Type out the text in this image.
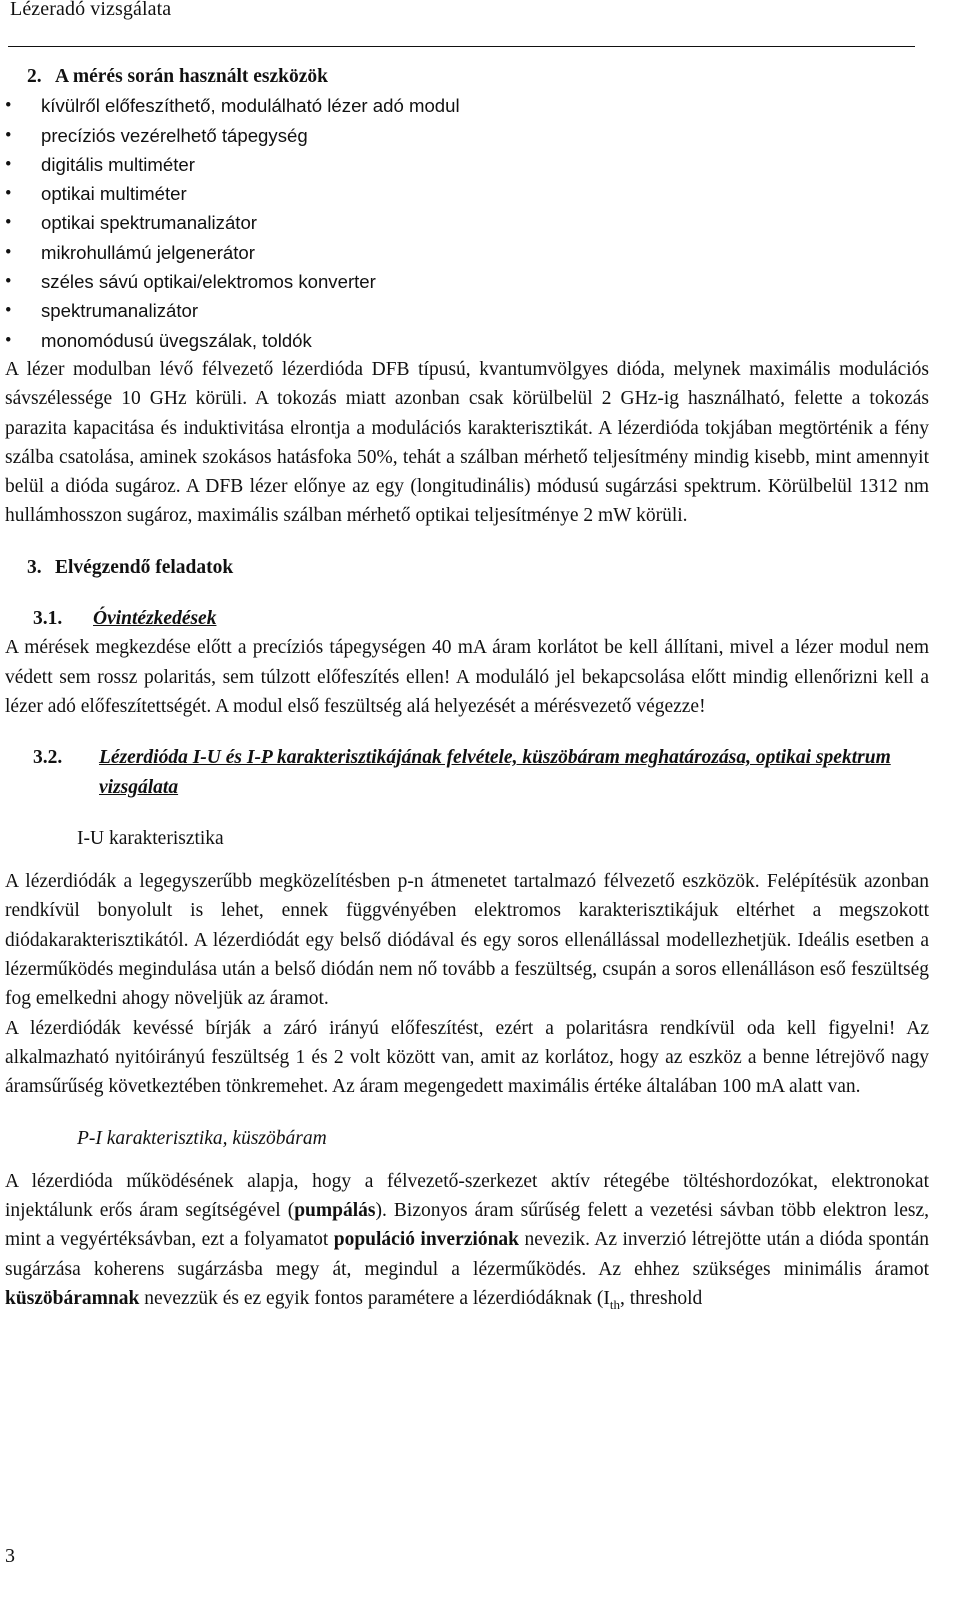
Lézeradó vizsgálata
2. A mérés során használt eszközök
•	kívülről előfeszíthető, modulálható lézer adó modul
•	precíziós vezérelhető tápegység
•	digitális multiméter
•	optikai multiméter
•	optikai spektrumanalizátor
•	mikrohullámú jelgenerátor
•	széles sávú optikai/elektromos konverter
•	spektrumanalizátor
•	monomódusú üvegszálak, toldók

A lézer modulban lévő félvezető lézerdióda DFB típusú, kvantumvölgyes dióda, melynek maximális modulációs sávszélessége 10 GHz körüli. A tokozás miatt azonban csak körülbelül 2 GHz-ig használható, felette a tokozás parazita kapacitása és induktivitása elrontja a modulációs karakterisztikát. A lézerdióda tokjában megtörténik a fény szálba csatolása, aminek szokásos hatásfoka 50%, tehát a szálban mérhető teljesítmény mindig kisebb, mint amennyit belül a dióda sugároz. A DFB lézer előnye az egy (longitudinális) módusú sugárzási spektrum. Körülbelül 1312 nm hullámhosszon sugároz, maximális szálban mérhető optikai teljesítménye 2 mW körüli.

3. Elvégzendő feladatok
3.1. Óvintézkedések

A mérések megkezdése előtt a precíziós tápegységen 40 mA áram korlátot be kell állítani, mivel a lézer modul nem védett sem rossz polaritás, sem túlzott előfeszítés ellen! A moduláló jel bekapcsolása előtt mindig ellenőrizni kell a lézer adó előfeszítettségét. A modul első feszültség alá helyezését a mérésvezető végezze!

3.2.	Lézerdióda I-U és I-P karakterisztikájának felvétele, küszöbáram meghatározása, optikai spektrum vizsgálata

I-U karakterisztika

A lézerdiódák a legegyszerűbb megközelítésben p-n átmenetet tartalmazó félvezető eszközök. Felépítésük azonban rendkívül bonyolult is lehet, ennek függvényében elektromos karakterisztikájuk eltérhet a megszokott diódakarakterisztikától. A lézerdiódát egy belső diódával és egy soros ellenállással modellezhetjük. Ideális esetben a lézerműködés megindulása után a belső diódán nem nő tovább a feszültség, csupán a soros ellenálláson eső feszültség fog emelkedni ahogy növeljük az áramot.

A lézerdiódák kevéssé bírják a záró irányú előfeszítést, ezért a polaritásra rendkívül oda kell figyelni! Az alkalmazható nyitóirányú feszültség 1 és 2 volt között van, amit az korlátoz, hogy az eszköz a benne létrejövő nagy áramsűrűség következtében tönkremehet. Az áram megengedett maximális értéke általában 100 mA alatt van.

P-I karakterisztika, küszöbáram

A lézerdióda működésének alapja, hogy a félvezető-szerkezet aktív rétegébe töltéshordozókat, elektronokat injektálunk erős áram segítségével (pumpálás). Bizonyos áram sűrűség felett a vezetési sávban több elektron lesz, mint a vegyértéksávban, ezt a folyamatot populáció inverziónak nevezik. Az inverzió létrejötte után a dióda spontán sugárzása koherens sugárzásba megy át, megindul a lézerműködés. Az ehhez szükséges minimális áramot küszöbáramnak nevezzük és ez egyik fontos paramétere a lézerdiódáknak ($I_{th}$, threshold

3
